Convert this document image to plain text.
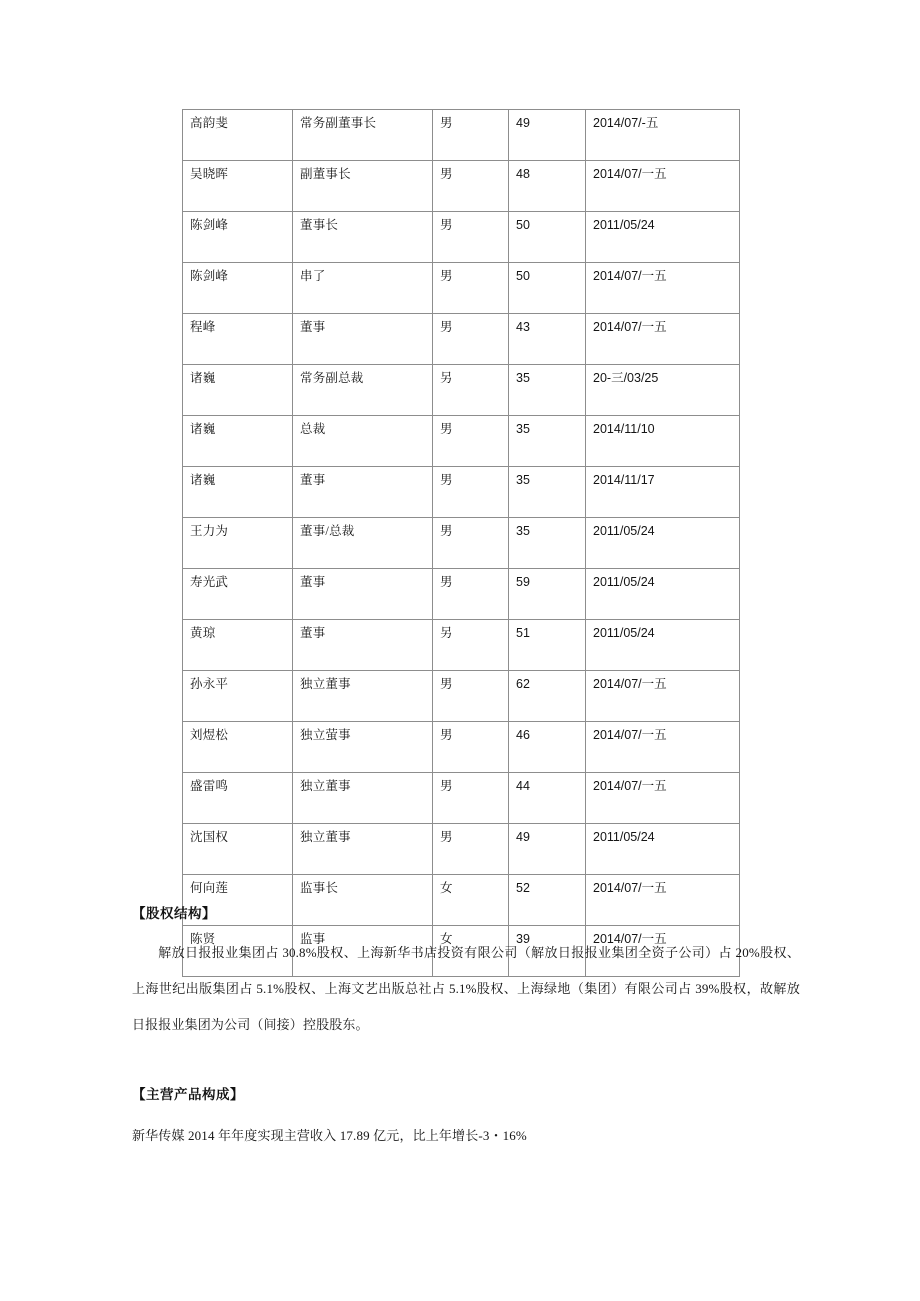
高韵斐	常务副董事长	男	49	2014/07/-五
吴晓晖	副董事长	男	48	2014/07/一五
陈剑峰	董事长	男	50	2011/05/24
陈剑峰	串了	男	50	2014/07/一五
程峰	董事	男	43	2014/07/一五
诸巍	常务副总裁	另	35	20-三/03/25
诸巍	总裁	男	35	2014/11/10
诸巍	董事	男	35	2014/11/17
王力为	董事/总裁	男	35	2011/05/24
寿光武	董事	男	59	2011/05/24
黄琼	董事	另	51	2011/05/24
孙永平	独立董事	男	62	2014/07/一五
刘煜松	独立萤事	男	46	2014/07/一五
盛雷鸣	独立董事	男	44	2014/07/一五
沈国权	独立董事	男	49	2011/05/24
何向莲	监事长	女	52	2014/07/一五
陈贤	监事	女	39	2014/07/一五
【股权结构】
解放日报报业集团占 30.8%股权、上海新华书店投资有限公司（解放日报报业集团全资子公司）占 20%股权、上海世纪出版集团占 5.1%股权、上海文艺出版总社占 5.1%股权、上海绿地（集团）有限公司占 39%股权，故解放日报报业集团为公司（间接）控股股东。
【主营产品构成】
新华传媒 2014 年年度实现主营收入 17.89 亿元，比上年增长-3・16%
